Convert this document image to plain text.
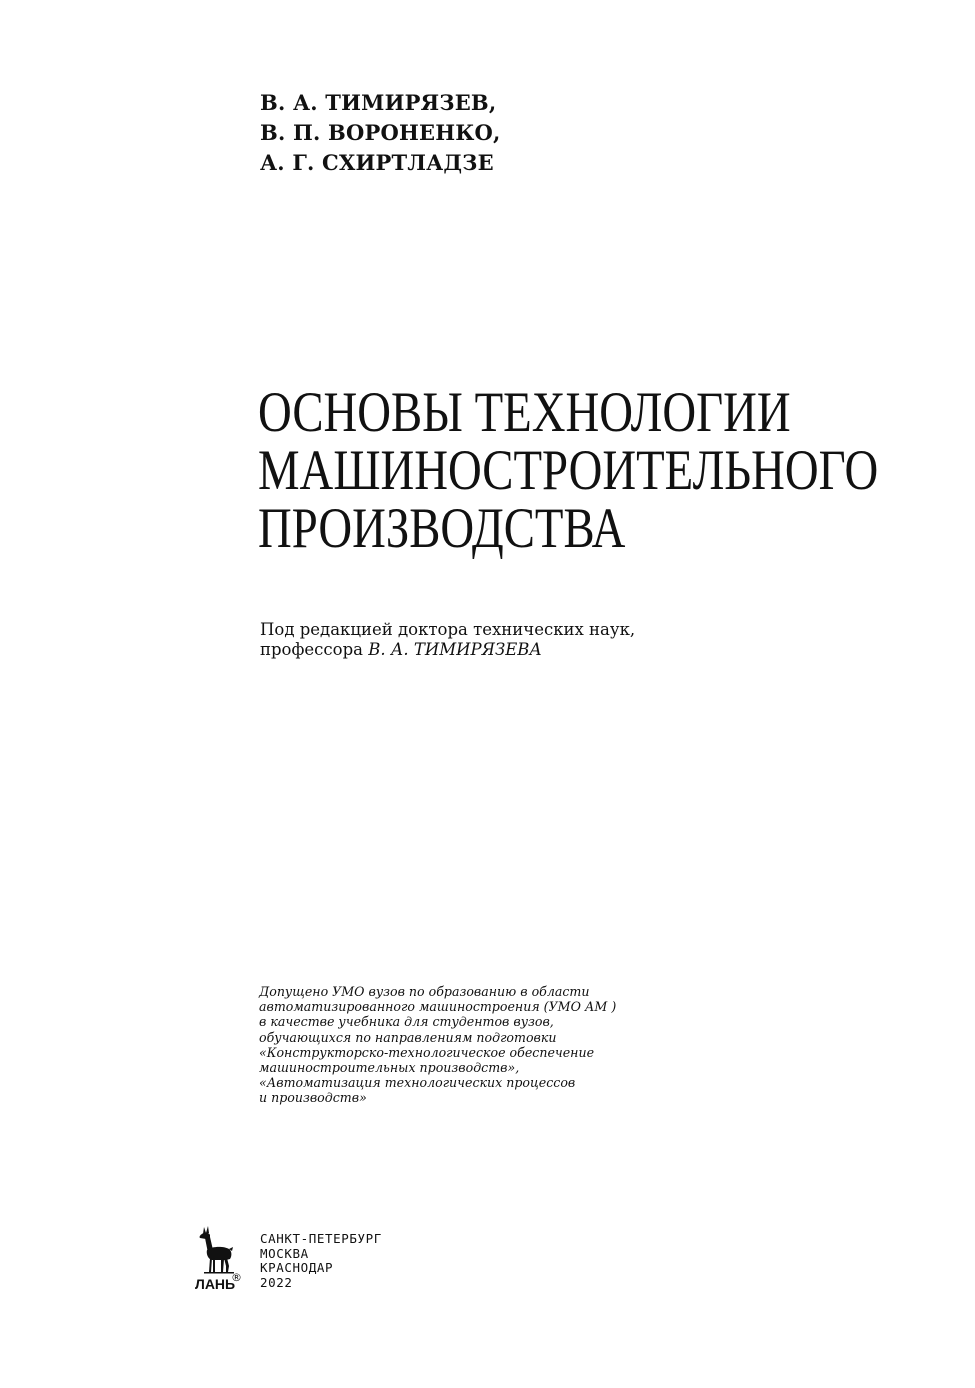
В. А. ТИМИРЯЗЕВ,
В. П. ВОРОНЕНКО,
А. Г. СХИРТЛАДЗЕ
ОСНОВЫ ТЕХНОЛОГИИ
МАШИНОСТРОИТЕЛЬНОГО
ПРОИЗВОДСТВА
Под редакцией доктора технических наук,
профессора В. А. ТИМИРЯЗЕВА
Допущено УМО вузов по образованию в области
автоматизированного машиностроения (УМО АМ )
в качестве учебника для студентов вузов,
обучающихся по направлениям подготовки
«Конструкторско-технологическое обеспечение
машиностроительных производств»,
«Автоматизация технологических процессов
и производств»
ЛАНЬ
®
САНКТ-ПЕТЕРБУРГ
МОСКВА
КРАСНОДАР
2022
